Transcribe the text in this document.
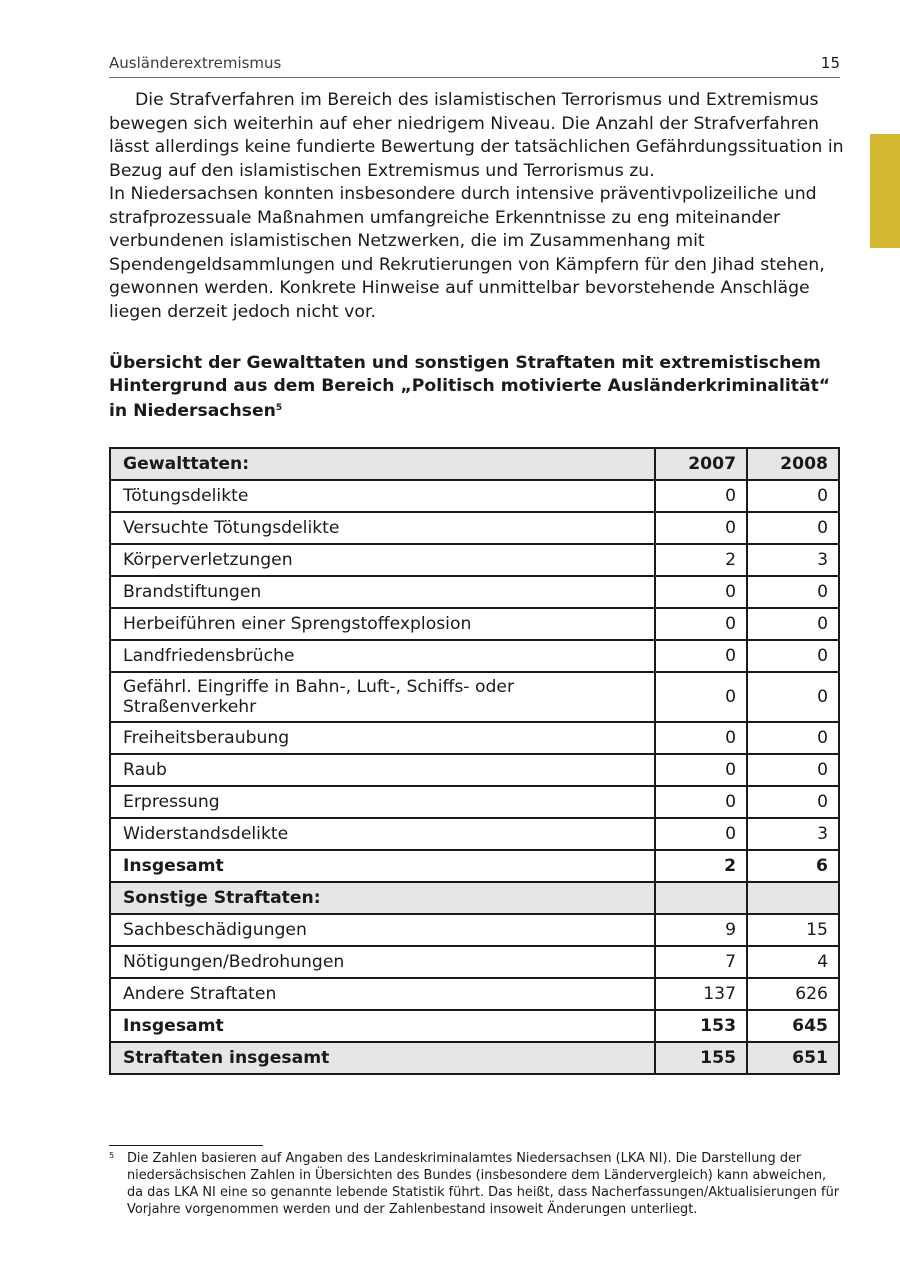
Ausländerextremismus	15

Die Strafverfahren im Bereich des islamistischen Terrorismus und Extremismus bewegen sich weiterhin auf eher niedrigem Niveau. Die Anzahl der Strafverfahren lässt allerdings keine fundierte Bewertung der tatsächlichen Gefährdungssituation in Bezug auf den islamistischen Extremismus und Terrorismus zu.

In Niedersachsen konnten insbesondere durch intensive präventivpolizeiliche und strafprozessuale Maßnahmen umfangreiche Erkenntnisse zu eng miteinander verbundenen islamistischen Netzwerken, die im Zusammenhang mit Spendengeldsammlungen und Rekrutierungen von Kämpfern für den Jihad stehen, gewonnen werden. Konkrete Hinweise auf unmittelbar bevorstehende Anschläge liegen derzeit jedoch nicht vor.

Übersicht der Gewalttaten und sonstigen Straftaten mit extremistischem Hintergrund aus dem Bereich „Politisch motivierte Ausländerkriminalität“ in Niedersachsen$^5$
Gewalttaten:	2007	2008
Tötungsdelikte	0	0
Versuchte Tötungsdelikte	0	0
Körperverletzungen	2	3
Brandstiftungen	0	0
Herbeiführen einer Sprengstoffexplosion	0	0
Landfriedensbrüche	0	0
Gefährl. Eingriffe in Bahn-, Luft-, Schiffs- oder Straßenverkehr	0	0
Freiheitsberaubung	0	0
Raub	0	0
Erpressung	0	0
Widerstandsdelikte	0	3
Insgesamt	2	6
Sonstige Straftaten:		
Sachbeschädigungen	9	15
Nötigungen/Bedrohungen	7	4
Andere Straftaten	137	626
Insgesamt	153	645
Straftaten insgesamt	155	651
5 Die Zahlen basieren auf Angaben des Landeskriminalamtes Niedersachsen (LKA NI). Die Darstellung der niedersächsischen Zahlen in Übersichten des Bundes (insbesondere dem Ländervergleich) kann abweichen, da das LKA NI eine so genannte lebende Statistik führt. Das heißt, dass Nacherfassungen/Aktualisierungen für Vorjahre vorgenommen werden und der Zahlenbestand insoweit Änderungen unterliegt.
